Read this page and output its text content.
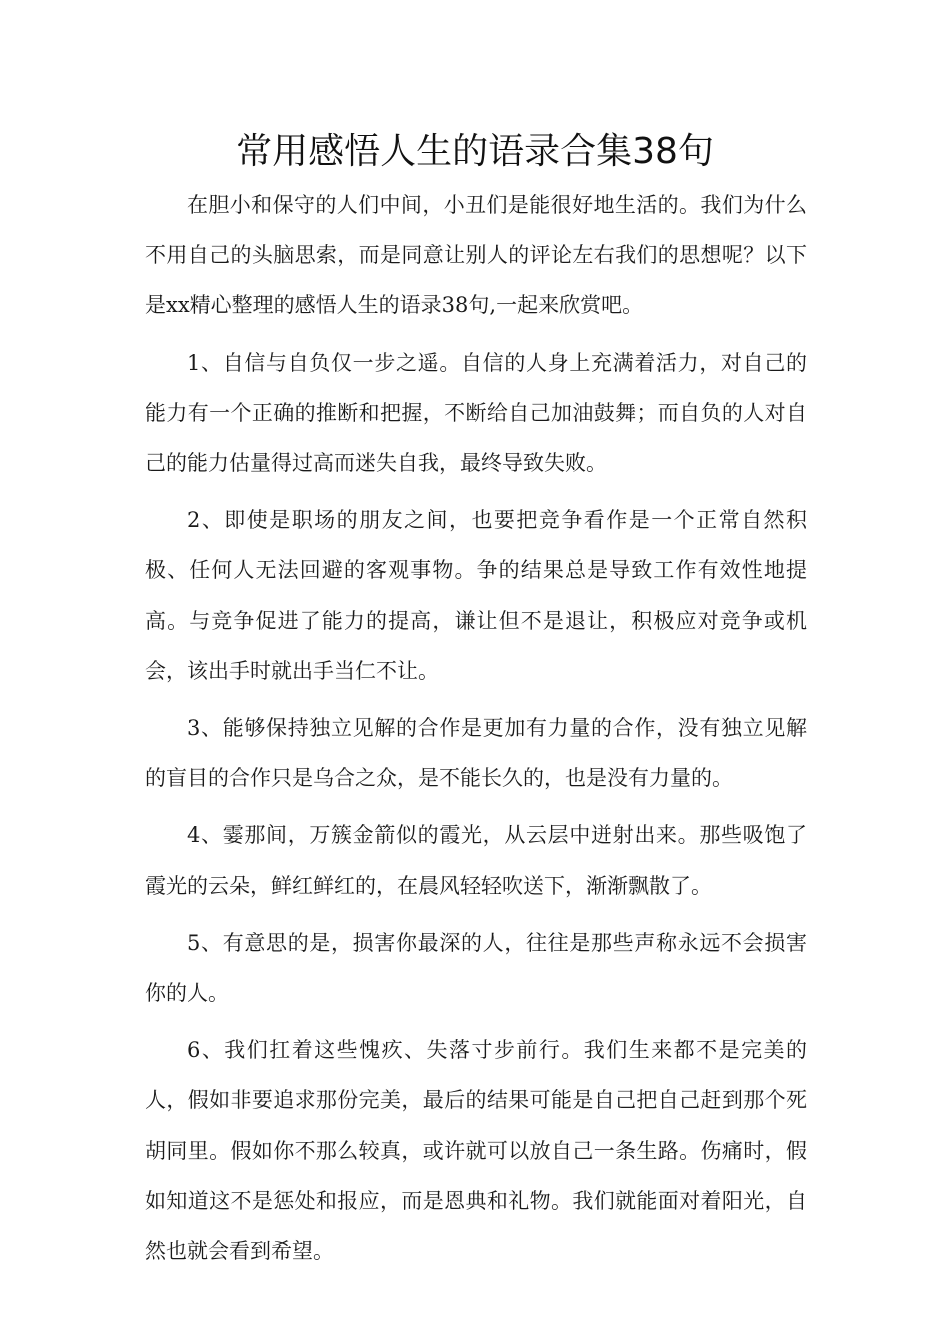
常用感悟人生的语录合集38句

在胆小和保守的人们中间，小丑们是能很好地生活的。我们为什么不用自己的头脑思索，而是同意让别人的评论左右我们的思想呢？以下是xx精心整理的感悟人生的语录38句,一起来欣赏吧。

1、自信与自负仅一步之遥。自信的人身上充满着活力，对自己的能力有一个正确的推断和把握，不断给自己加油鼓舞；而自负的人对自己的能力估量得过高而迷失自我，最终导致失败。

2、即使是职场的朋友之间，也要把竞争看作是一个正常自然积极、任何人无法回避的客观事物。争的结果总是导致工作有效性地提高。与竞争促进了能力的提高，谦让但不是退让，积极应对竞争或机会，该出手时就出手当仁不让。

3、能够保持独立见解的合作是更加有力量的合作，没有独立见解的盲目的合作只是乌合之众，是不能长久的，也是没有力量的。

4、霎那间，万簇金箭似的霞光，从云层中迸射出来。那些吸饱了霞光的云朵，鲜红鲜红的，在晨风轻轻吹送下，渐渐飘散了。

5、有意思的是，损害你最深的人，往往是那些声称永远不会损害你的人。

6、我们扛着这些愧疚、失落寸步前行。我们生来都不是完美的人，假如非要追求那份完美，最后的结果可能是自己把自己赶到那个死胡同里。假如你不那么较真，或许就可以放自己一条生路。伤痛时，假如知道这不是惩处和报应，而是恩典和礼物。我们就能面对着阳光，自然也就会看到希望。
